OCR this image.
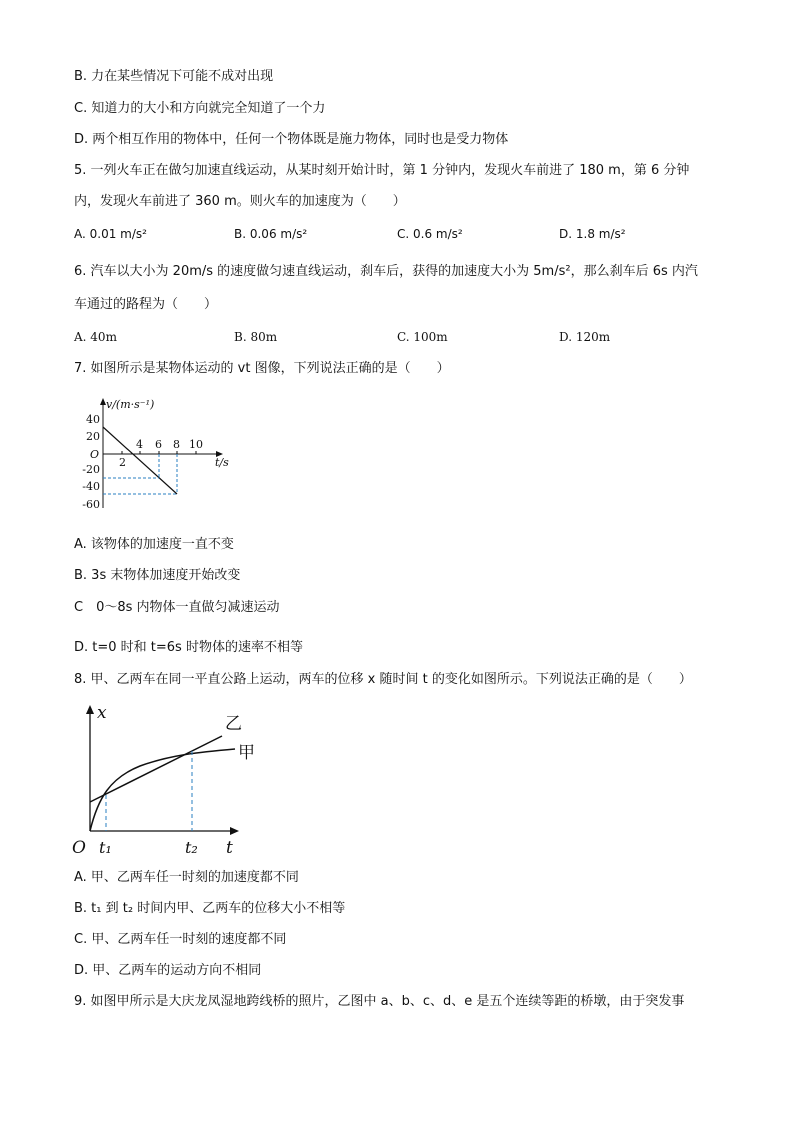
B. 力在某些情况下可能不成对出现
C. 知道力的大小和方向就完全知道了一个力
D. 两个相互作用的物体中，任何一个物体既是施力物体，同时也是受力物体
5. 一列火车正在做匀加速直线运动，从某时刻开始计时，第 1 分钟内，发现火车前进了 180 m，第 6 分钟
内，发现火车前进了 360 m。则火车的加速度为（　　）
A. 0.01 m/s²	B. 0.06 m/s²	C. 0.6 m/s²	D. 1.8 m/s²
6. 汽车以大小为 20m/s 的速度做匀速直线运动，刹车后，获得的加速度大小为 5m/s²，那么刹车后 6s 内汽
车通过的路程为（　　）
A. 40m	B. 80m	C. 100m	D. 120m
7. 如图所示是某物体运动的 vt 图像，下列说法正确的是（　　）
v/(m·s⁻¹)
t/s
O
40
20
-20
-40
-60
2
4 6 8 10
A. 该物体的加速度一直不变
B. 3s 末物体加速度开始改变
C　0～8s 内物体一直做匀减速运动
D. t=0 时和 t=6s 时物体的速率不相等
8. 甲、乙两车在同一平直公路上运动，两车的位移 x 随时间 t 的变化如图所示。下列说法正确的是（　　）
x
t
O t₁	t₂
乙
甲
A. 甲、乙两车任一时刻的加速度都不同
B. t₁ 到 t₂ 时间内甲、乙两车的位移大小不相等
C. 甲、乙两车任一时刻的速度都不同
D. 甲、乙两车的运动方向不相同
9. 如图甲所示是大庆龙凤湿地跨线桥的照片，乙图中 a、b、c、d、e 是五个连续等距的桥墩，由于突发事
